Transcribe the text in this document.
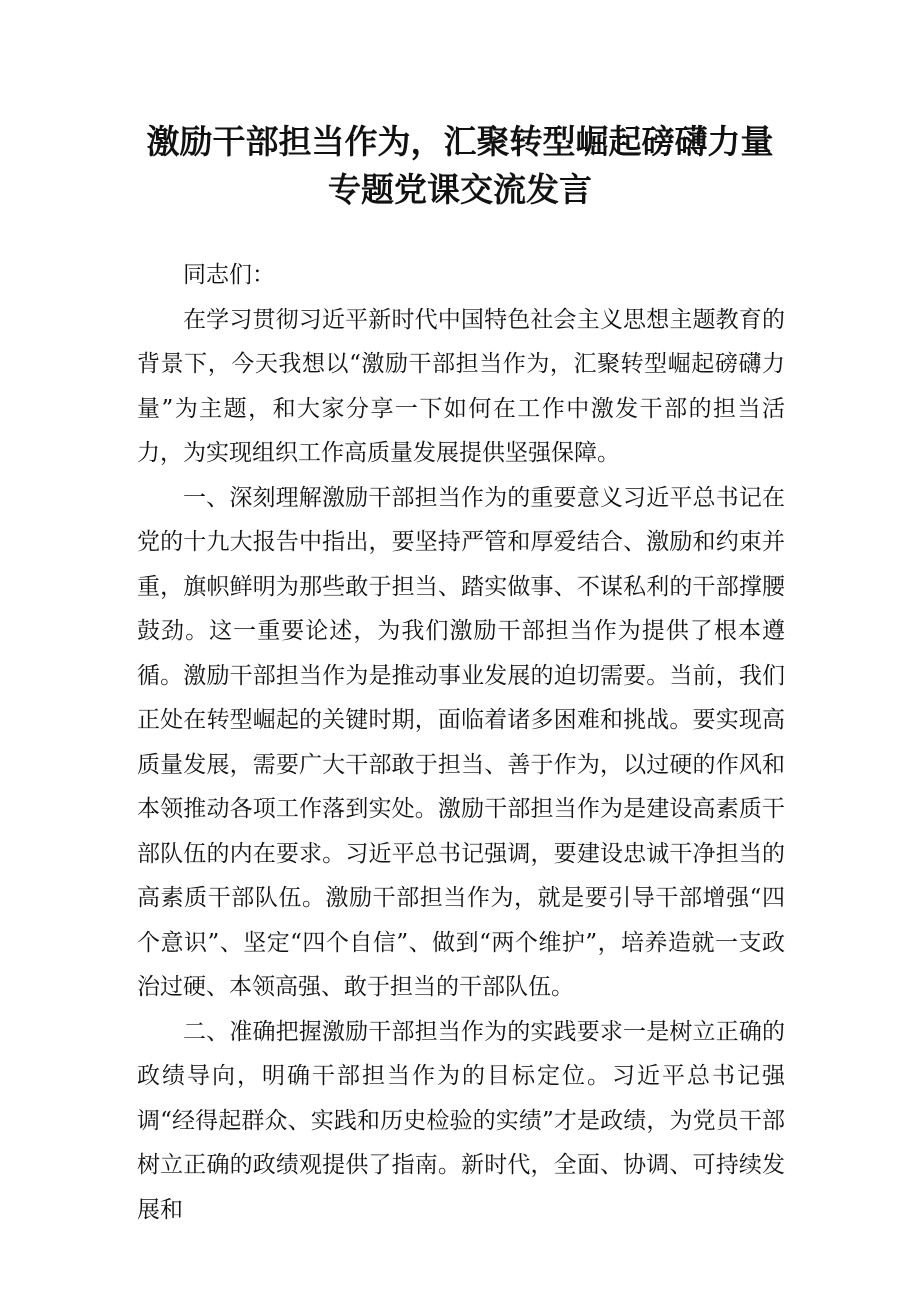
激励干部担当作为，汇聚转型崛起磅礴力量
专题党课交流发言

同志们：

在学习贯彻习近平新时代中国特色社会主义思想主题教育的背景下，今天我想以“激励干部担当作为，汇聚转型崛起磅礴力量”为主题，和大家分享一下如何在工作中激发干部的担当活力，为实现组织工作高质量发展提供坚强保障。

一、深刻理解激励干部担当作为的重要意义习近平总书记在党的十九大报告中指出，要坚持严管和厚爱结合、激励和约束并重，旗帜鲜明为那些敢于担当、踏实做事、不谋私利的干部撑腰鼓劲。这一重要论述，为我们激励干部担当作为提供了根本遵循。激励干部担当作为是推动事业发展的迫切需要。当前，我们正处在转型崛起的关键时期，面临着诸多困难和挑战。要实现高质量发展，需要广大干部敢于担当、善于作为，以过硬的作风和本领推动各项工作落到实处。激励干部担当作为是建设高素质干部队伍的内在要求。习近平总书记强调，要建设忠诚干净担当的高素质干部队伍。激励干部担当作为，就是要引导干部增强“四个意识”、坚定“四个自信”、做到“两个维护”，培养造就一支政治过硬、本领高强、敢于担当的干部队伍。

二、准确把握激励干部担当作为的实践要求一是树立正确的政绩导向，明确干部担当作为的目标定位。习近平总书记强调“经得起群众、实践和历史检验的实绩”才是政绩，为党员干部树立正确的政绩观提供了指南。新时代，全面、协调、可持续发展和
